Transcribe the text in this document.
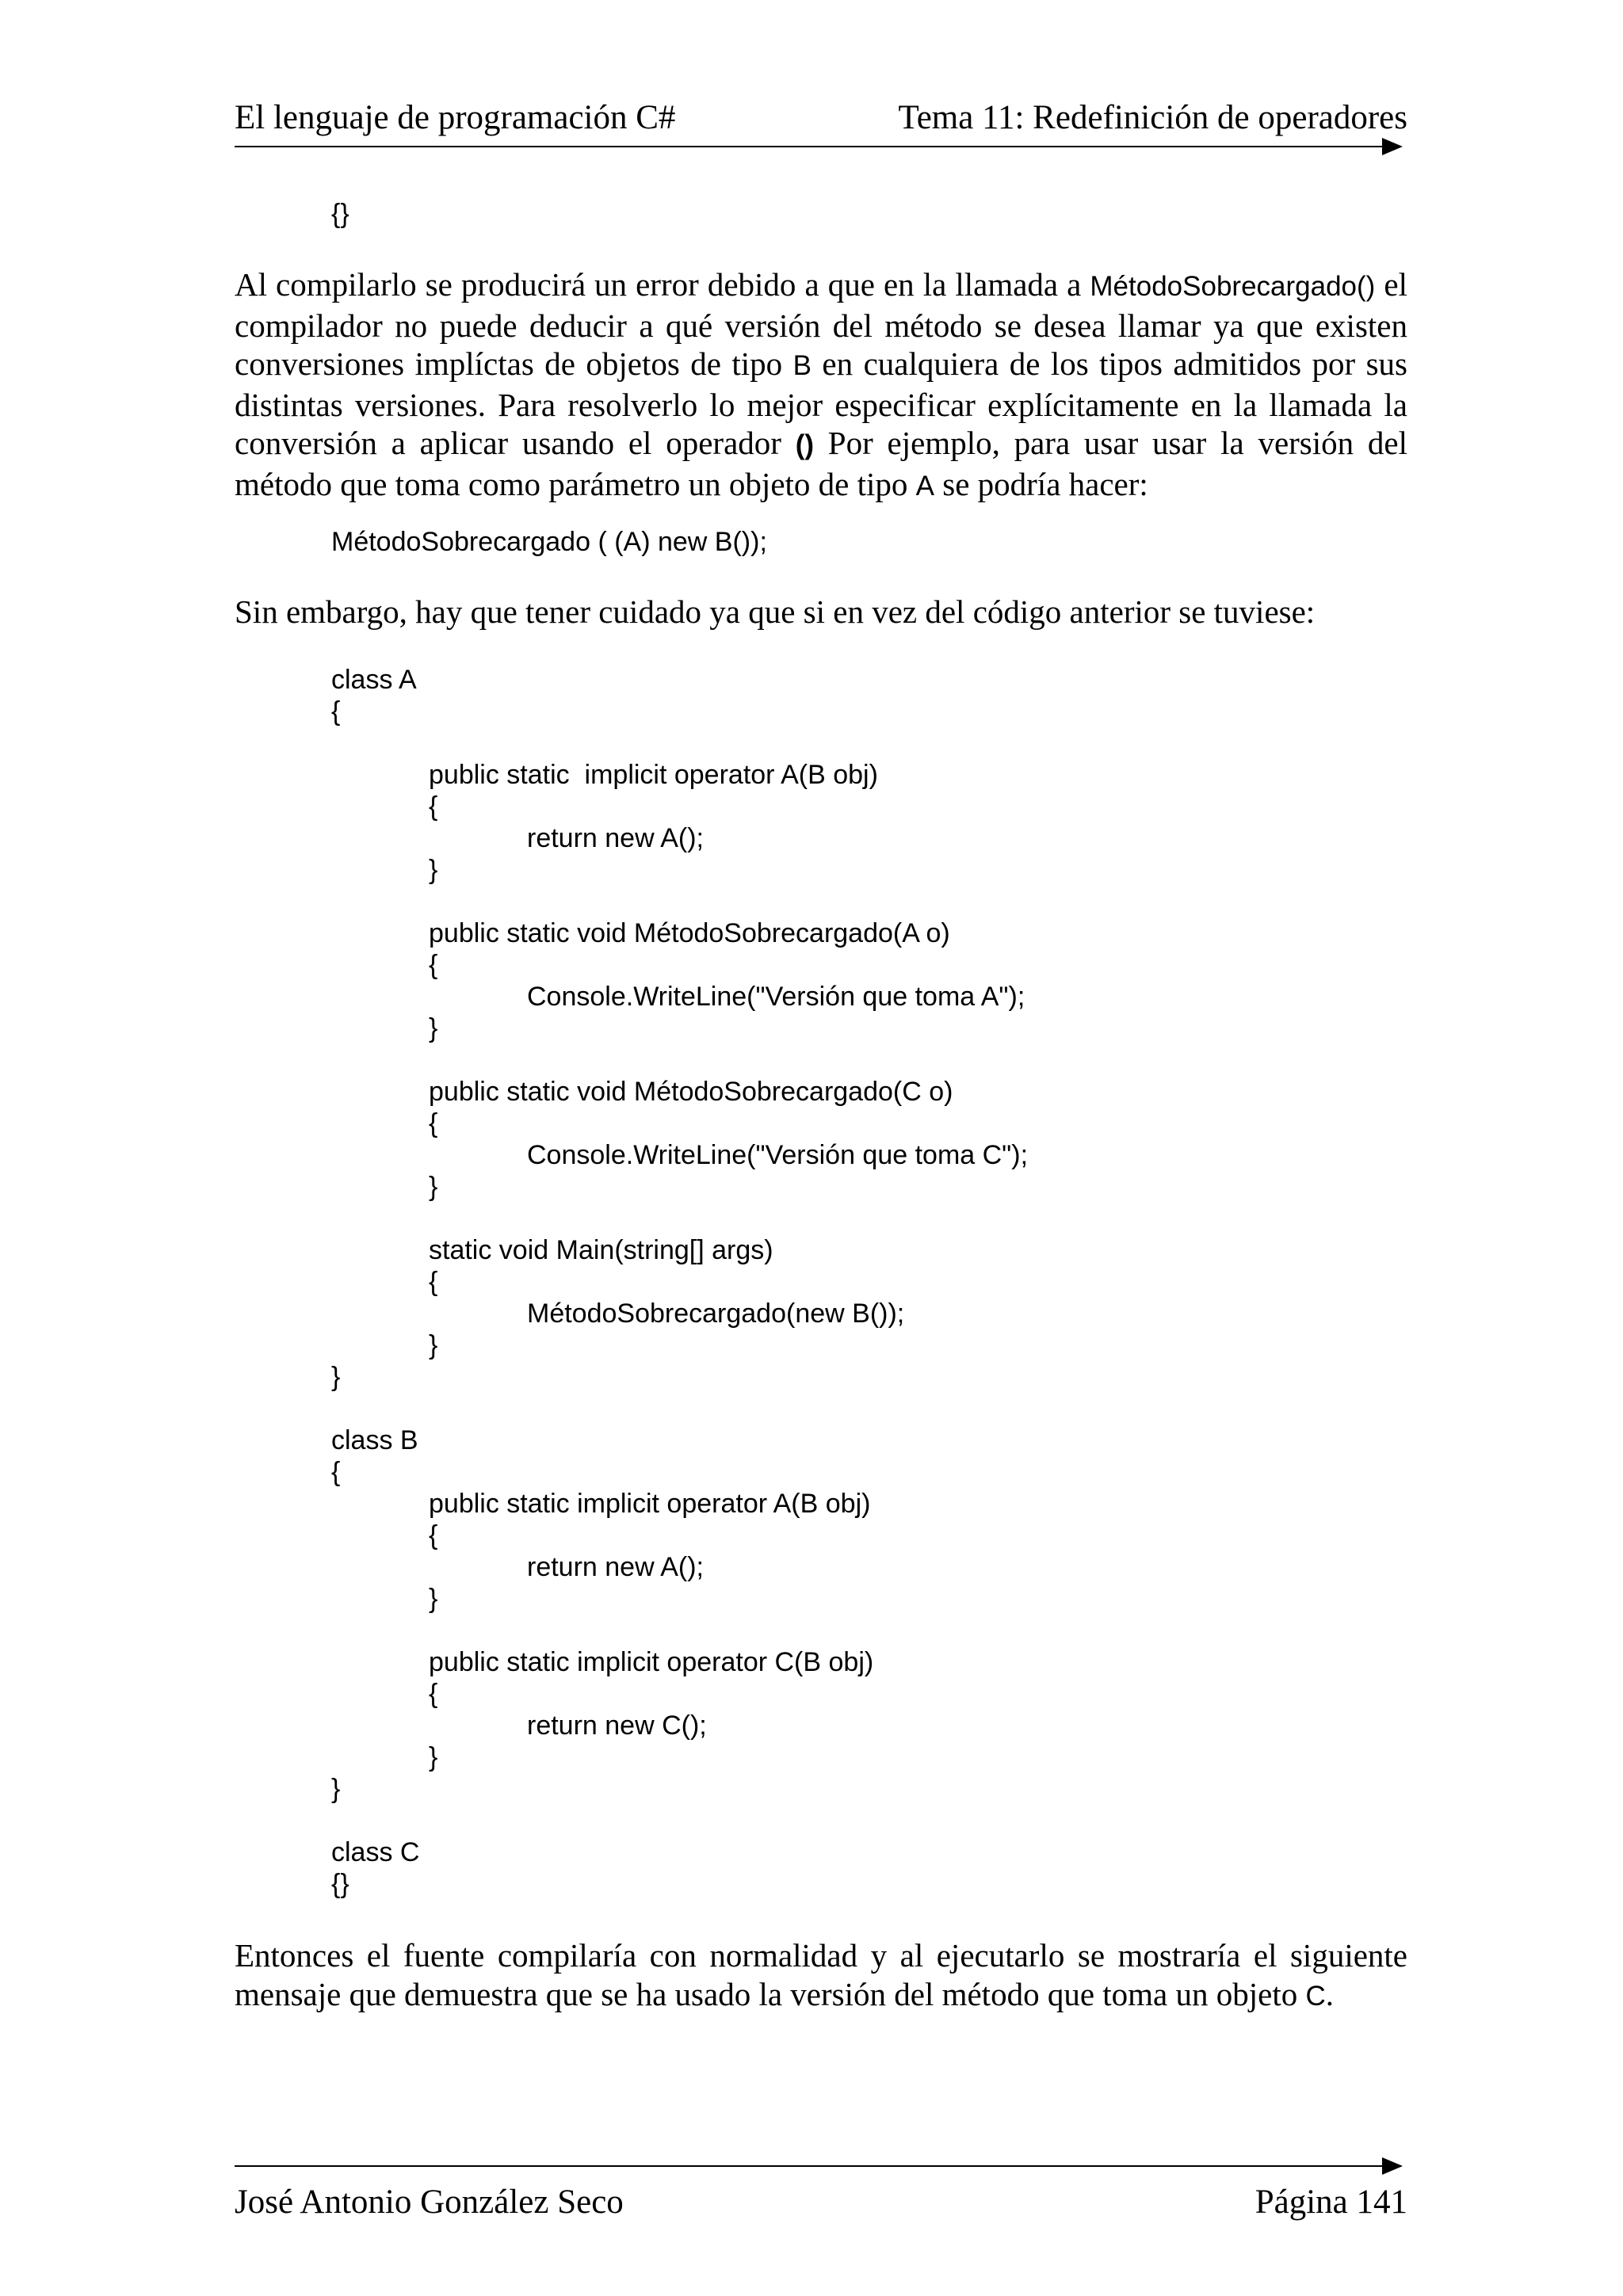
El lenguaje de programación C#	Tema 11: Redefinición de operadores
{}
Al compilarlo se producirá un error debido a que en la llamada a MétodoSobrecargado() el compilador no puede deducir a qué versión del método se desea llamar ya que existen conversiones implíctas de objetos de tipo B en cualquiera de los tipos admitidos por sus distintas versiones. Para resolverlo lo mejor especificar explícitamente en la llamada la conversión a aplicar usando el operador () Por ejemplo, para usar usar la versión del método que toma como parámetro un objeto de tipo A se podría hacer:
MétodoSobrecargado ( (A) new B());
Sin embargo, hay que tener cuidado ya que si en vez del código anterior se tuviese:
class A
{
public static  implicit operator A(B obj)
{
return new A();
}
public static void MétodoSobrecargado(A o)
{
Console.WriteLine("Versión que toma A");
}
public static void MétodoSobrecargado(C o)
{
Console.WriteLine("Versión que toma C");
}
static void Main(string[] args)
{
MétodoSobrecargado(new B());
}
}
class B
{
public static implicit operator A(B obj)
{
return new A();
}
public static implicit operator C(B obj)
{
return new C();
}
}
class C
{}
Entonces el fuente compilaría con normalidad y al ejecutarlo se mostraría el siguiente mensaje que demuestra que se ha usado la versión del método que toma un objeto C.
José Antonio González Seco	Página 141
